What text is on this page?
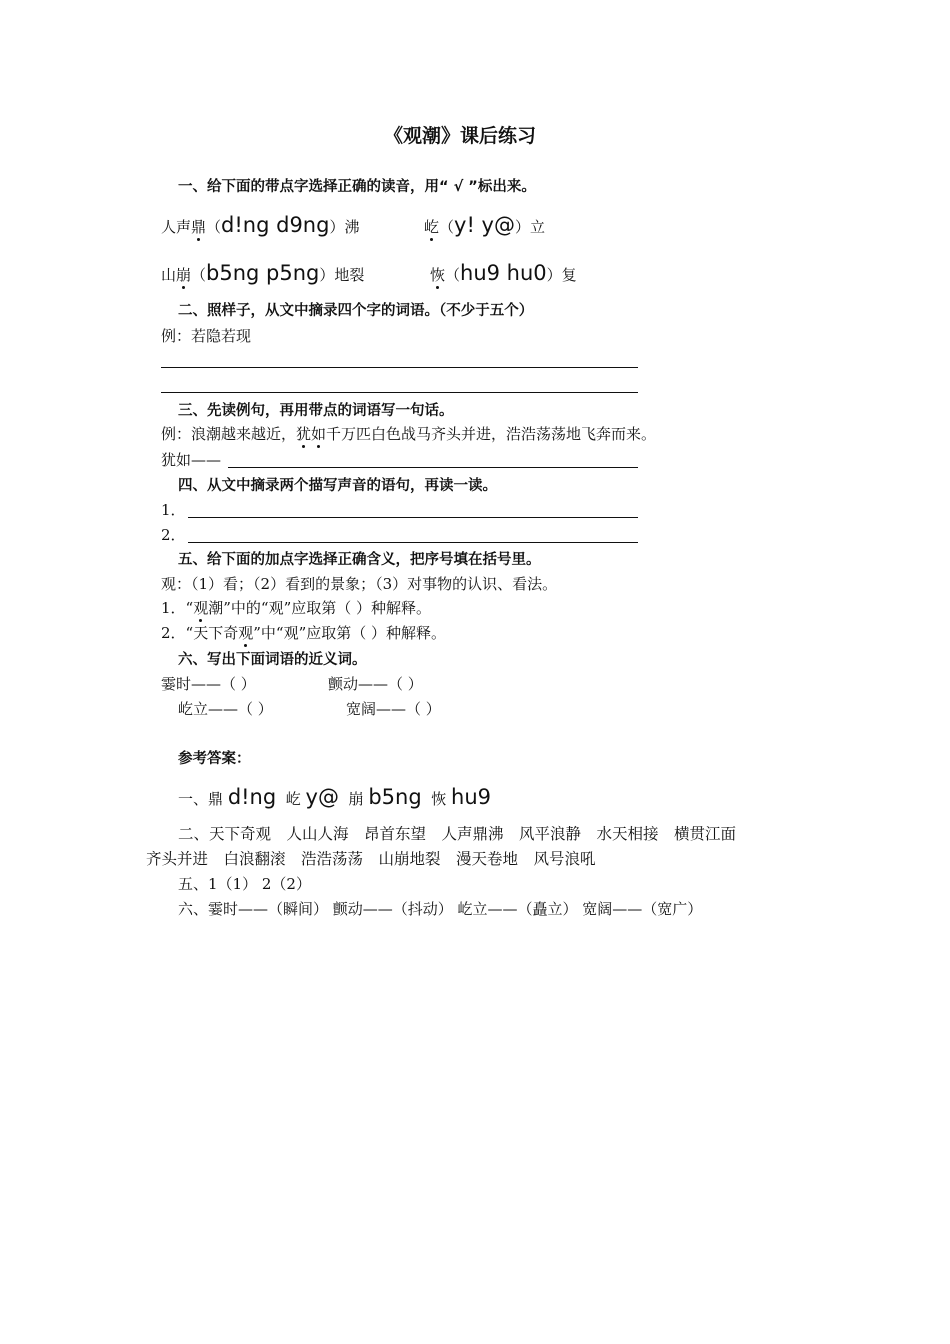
《观潮》课后练习
一、给下面的带点字选择正确的读音，用“ √ ”标出来。
人声鼎（d!ng d9ng）沸	屹（y! y@）立
山崩（b5ng p5ng）地裂	恢（hu9 hu0）复
二、照样子，从文中摘录四个字的词语。（不少于五个）
例：若隐若现
三、先读例句，再用带点的词语写一句话。
例：浪潮越来越近，犹如千万匹白色战马齐头并进，浩浩荡荡地飞奔而来。
犹如——
四、从文中摘录两个描写声音的语句，再读一读。
1．
2．
五、给下面的加点字选择正确含义，把序号填在括号里。
观：（1）看；（2）看到的景象；（3）对事物的认识、看法。
1．“观潮”中的“观”应取第（ ）种解释。
2．“天下奇观”中“观”应取第（ ）种解释。
六、写出下面词语的近义词。
霎时——（ ）	颤动——（ ）
屹立——（ ）	宽阔——（ ）
参考答案：
一、鼎 d!ng 屹 y@ 崩 b5ng 恢 hu9
二、天下奇观　人山人海　昂首东望　人声鼎沸　风平浪静　水天相接　横贯江面
齐头并进　白浪翻滚　浩浩荡荡　山崩地裂　漫天卷地　风号浪吼
五、1（1） 2（2）
六、霎时——（瞬间） 颤动——（抖动） 屹立——（矗立） 宽阔——（宽广）
